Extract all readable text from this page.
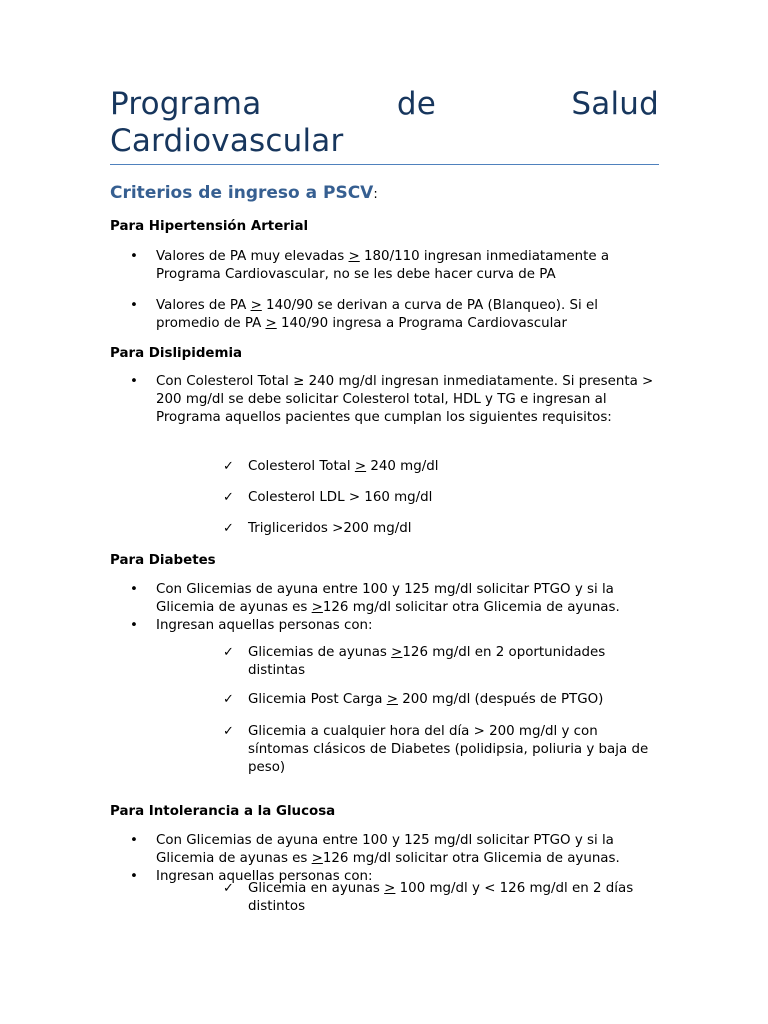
Programa	de	Salud
Cardiovascular
Criterios de ingreso a PSCV:
Para Hipertensión Arterial
• Valores de PA muy elevadas > 180/110 ingresan inmediatamente a Programa Cardiovascular, no se les debe hacer curva de PA
• Valores de PA > 140/90 se derivan a curva de PA (Blanqueo). Si el promedio de PA > 140/90 ingresa a Programa Cardiovascular
Para Dislipidemia
• Con Colesterol Total ≥ 240 mg/dl ingresan inmediatamente. Si presenta > 200 mg/dl se debe solicitar Colesterol total, HDL y TG e ingresan al Programa aquellos pacientes que cumplan los siguientes requisitos:
✓ Colesterol Total > 240 mg/dl
✓ Colesterol LDL > 160 mg/dl
✓ Trigliceridos >200 mg/dl
Para Diabetes
• Con Glicemias de ayuna entre 100 y 125 mg/dl solicitar PTGO y si la Glicemia de ayunas es >126 mg/dl solicitar otra Glicemia de ayunas.
• Ingresan aquellas personas con:
✓ Glicemias de ayunas >126 mg/dl en 2 oportunidades distintas
✓ Glicemia Post Carga > 200 mg/dl (después de PTGO)
✓ Glicemia a cualquier hora del día > 200 mg/dl y con síntomas clásicos de Diabetes (polidipsia, poliuria y baja de peso)
Para Intolerancia a la Glucosa
• Con Glicemias de ayuna entre 100 y 125 mg/dl solicitar PTGO y si la Glicemia de ayunas es >126 mg/dl solicitar otra Glicemia de ayunas.
• Ingresan aquellas personas con:
✓ Glicemia en ayunas > 100 mg/dl y < 126 mg/dl en 2 días distintos
